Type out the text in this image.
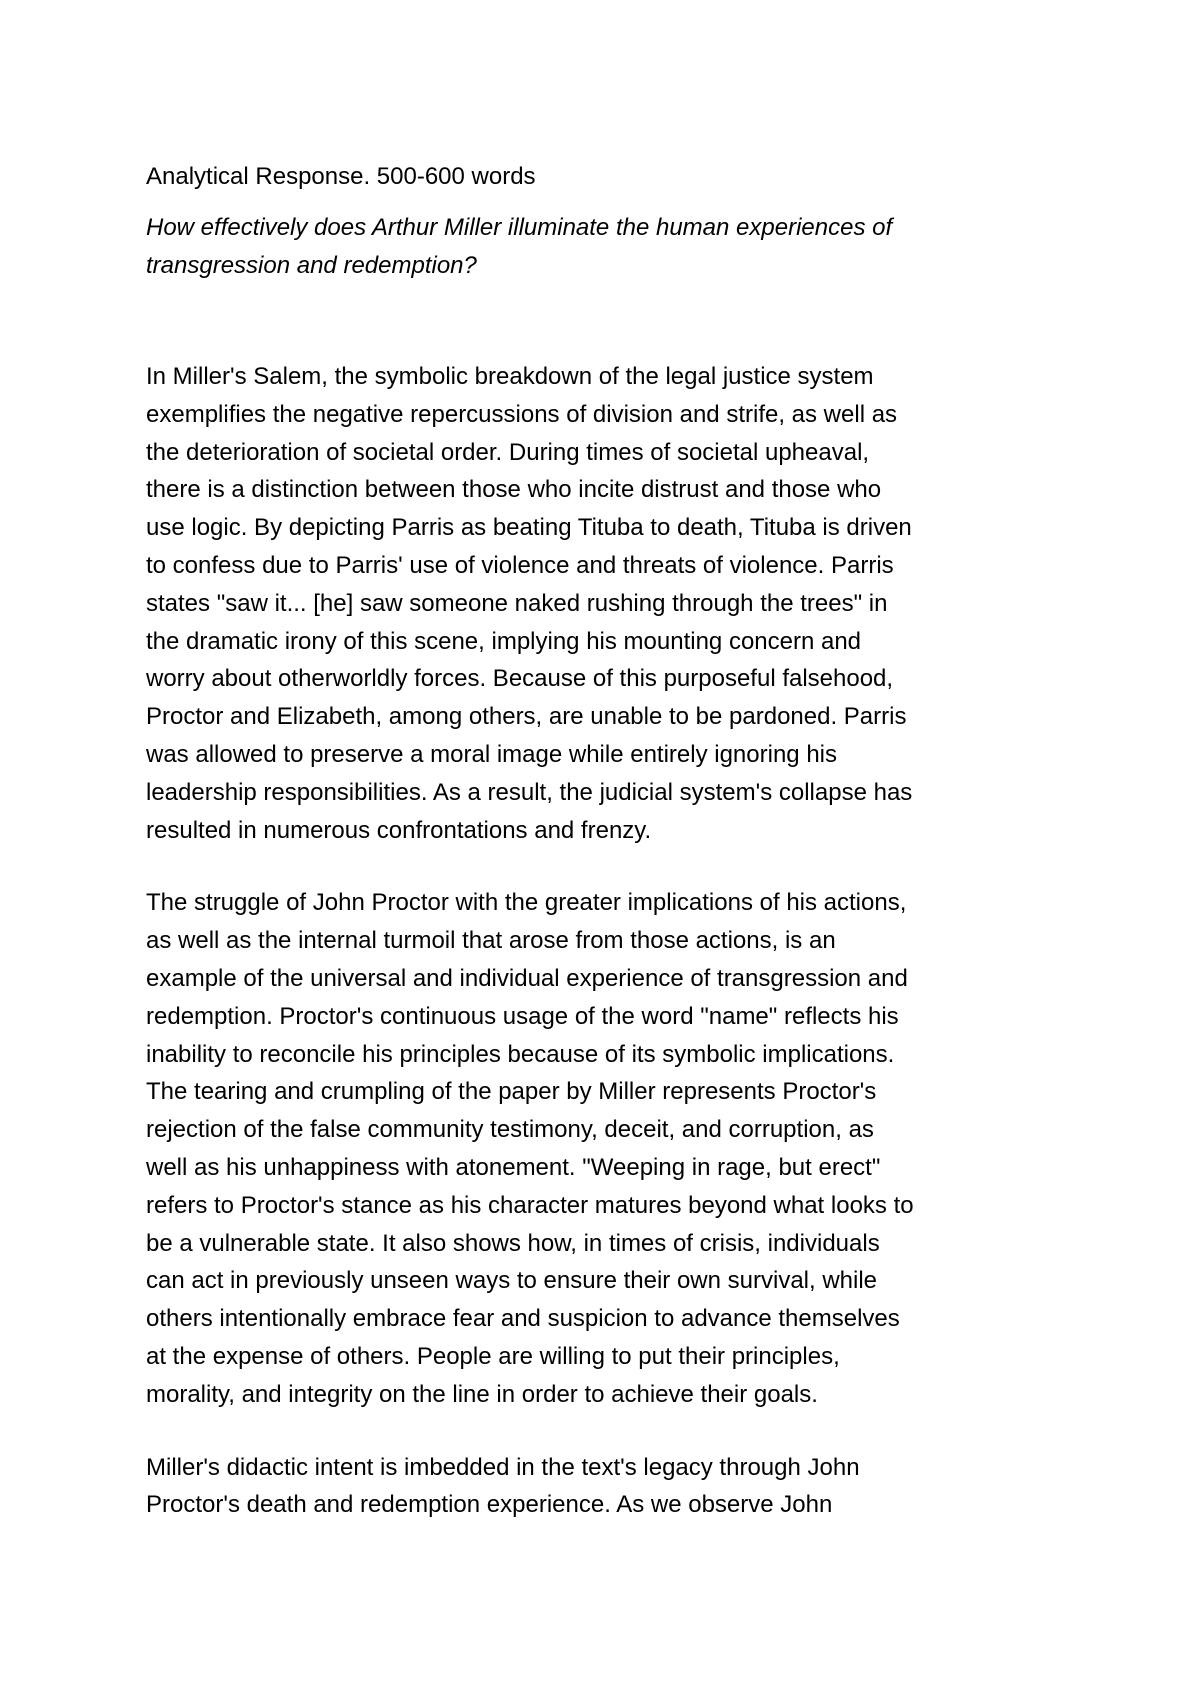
Analytical Response. 500-600 words

How effectively does Arthur Miller illuminate the human experiences of
transgression and redemption?

In Miller's Salem, the symbolic breakdown of the legal justice system
exemplifies the negative repercussions of division and strife, as well as
the deterioration of societal order. During times of societal upheaval,
there is a distinction between those who incite distrust and those who
use logic. By depicting Parris as beating Tituba to death, Tituba is driven
to confess due to Parris' use of violence and threats of violence. Parris
states "saw it... [he] saw someone naked rushing through the trees" in
the dramatic irony of this scene, implying his mounting concern and
worry about otherworldly forces. Because of this purposeful falsehood,
Proctor and Elizabeth, among others, are unable to be pardoned. Parris
was allowed to preserve a moral image while entirely ignoring his
leadership responsibilities. As a result, the judicial system's collapse has
resulted in numerous confrontations and frenzy.

The struggle of John Proctor with the greater implications of his actions,
as well as the internal turmoil that arose from those actions, is an
example of the universal and individual experience of transgression and
redemption. Proctor's continuous usage of the word "name" reflects his
inability to reconcile his principles because of its symbolic implications.
The tearing and crumpling of the paper by Miller represents Proctor's
rejection of the false community testimony, deceit, and corruption, as
well as his unhappiness with atonement. "Weeping in rage, but erect"
refers to Proctor's stance as his character matures beyond what looks to
be a vulnerable state. It also shows how, in times of crisis, individuals
can act in previously unseen ways to ensure their own survival, while
others intentionally embrace fear and suspicion to advance themselves
at the expense of others. People are willing to put their principles,
morality, and integrity on the line in order to achieve their goals.

Miller's didactic intent is imbedded in the text's legacy through John
Proctor's death and redemption experience. As we observe John
